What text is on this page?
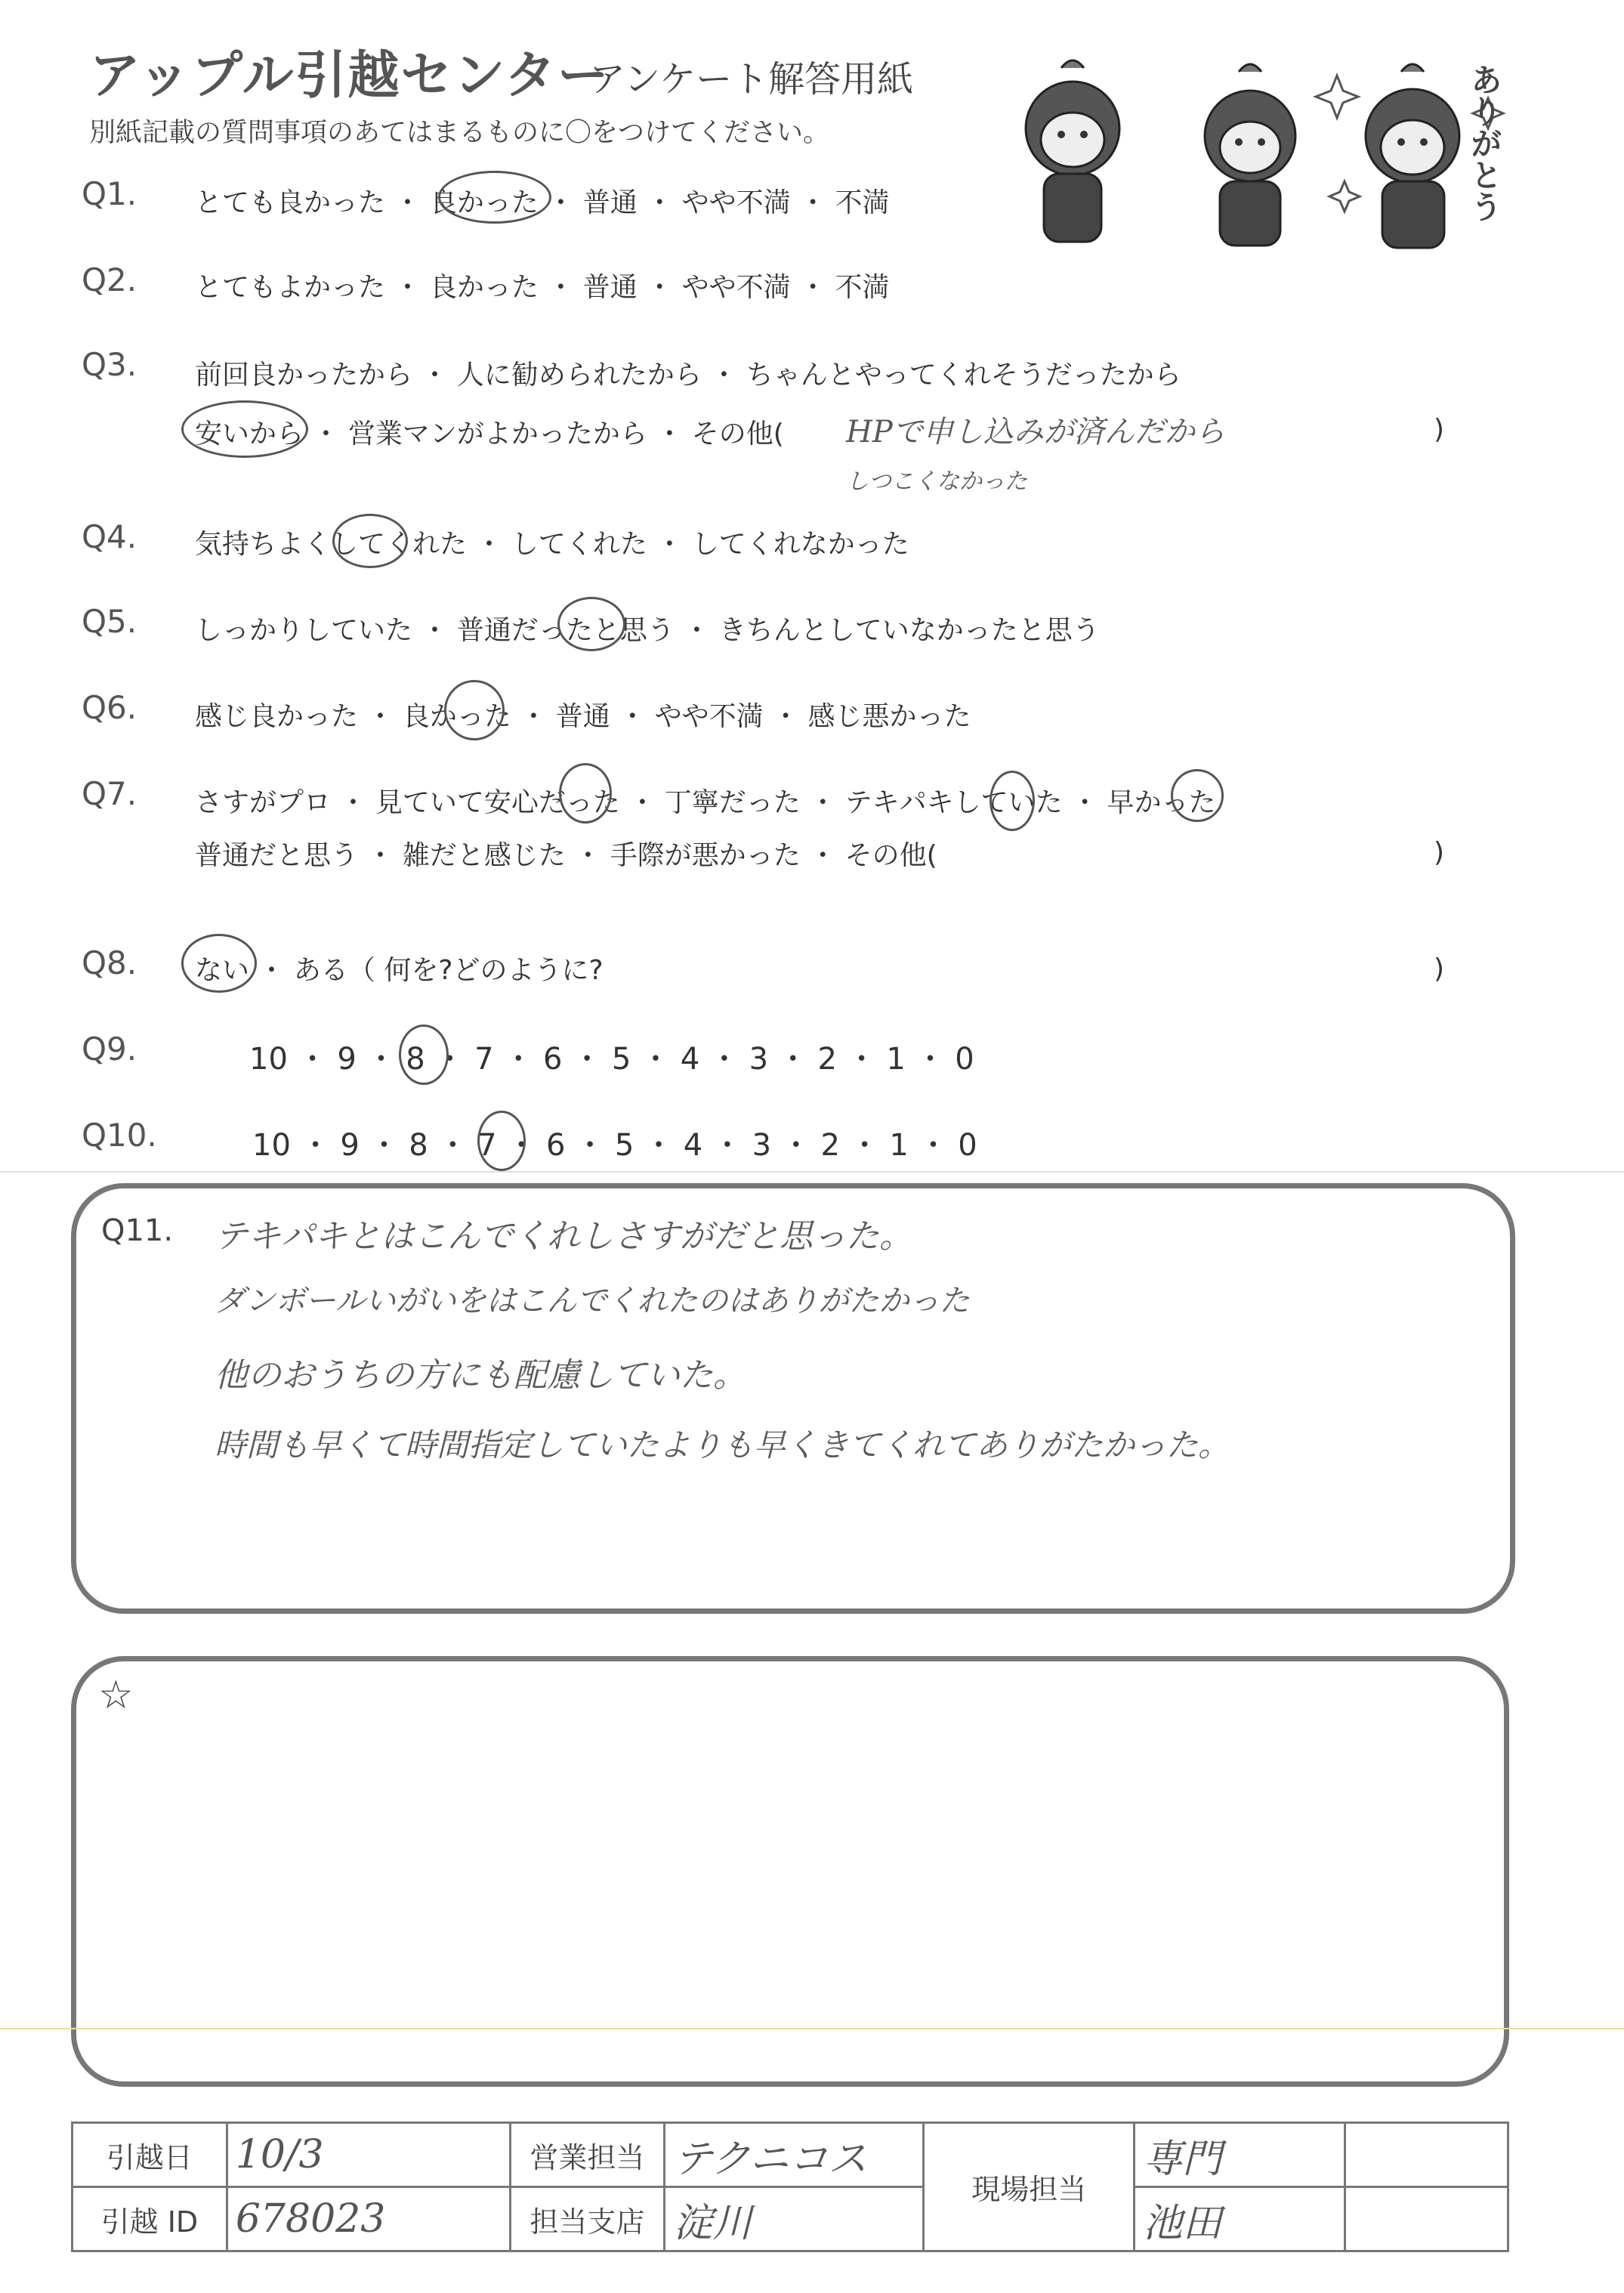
アップル引越センター
アンケート解答用紙
別紙記載の質問事項のあてはまるものに〇をつけてください。	ありがとう
Q1. とても良かった ・ 良かった ・ 普通 ・ やや不満 ・ 不満
Q2. とてもよかった ・ 良かった ・ 普通 ・ やや不満 ・ 不満
Q3. 前回良かったから ・ 人に勧められたから ・ ちゃんとやってくれそうだったから
安いから ・ 営業マンがよかったから ・ その他( HPで申し込みが済んだから
しつこくなかった
)
Q4. 気持ちよくしてくれた ・ してくれた ・ してくれなかった
Q5. しっかりしていた ・ 普通だったと思う ・ きちんとしていなかったと思う
Q6. 感じ良かった ・ 良かった ・ 普通 ・ やや不満 ・ 感じ悪かった
Q7. さすがプロ ・ 見ていて安心だった ・ 丁寧だった ・ テキパキしていた ・ 早かった
普通だと思う ・ 雑だと感じた ・ 手際が悪かった ・ その他(	)
Q8. ない ・ ある（ 何を?どのように?	)
Q9.	10 ・ 9 ・ 8 ・ 7 ・ 6 ・ 5 ・ 4 ・ 3 ・ 2 ・ 1 ・ 0
Q10.	10 ・ 9 ・ 8 ・ 7 ・ 6 ・ 5 ・ 4 ・ 3 ・ 2 ・ 1 ・ 0
Q11. テキパキとはこんでくれしさすがだと思った。
ダンボールいがいをはこんでくれたのはありがたかった
他のおうちの方にも配慮していた。
時間も早くて時間指定していたよりも早くきてくれてありがたかった。
☆
引越日	10/3	営業担当	テクニコス	現場担当	専門	
引越 ID	678023	担当支店	淀川		池田	
